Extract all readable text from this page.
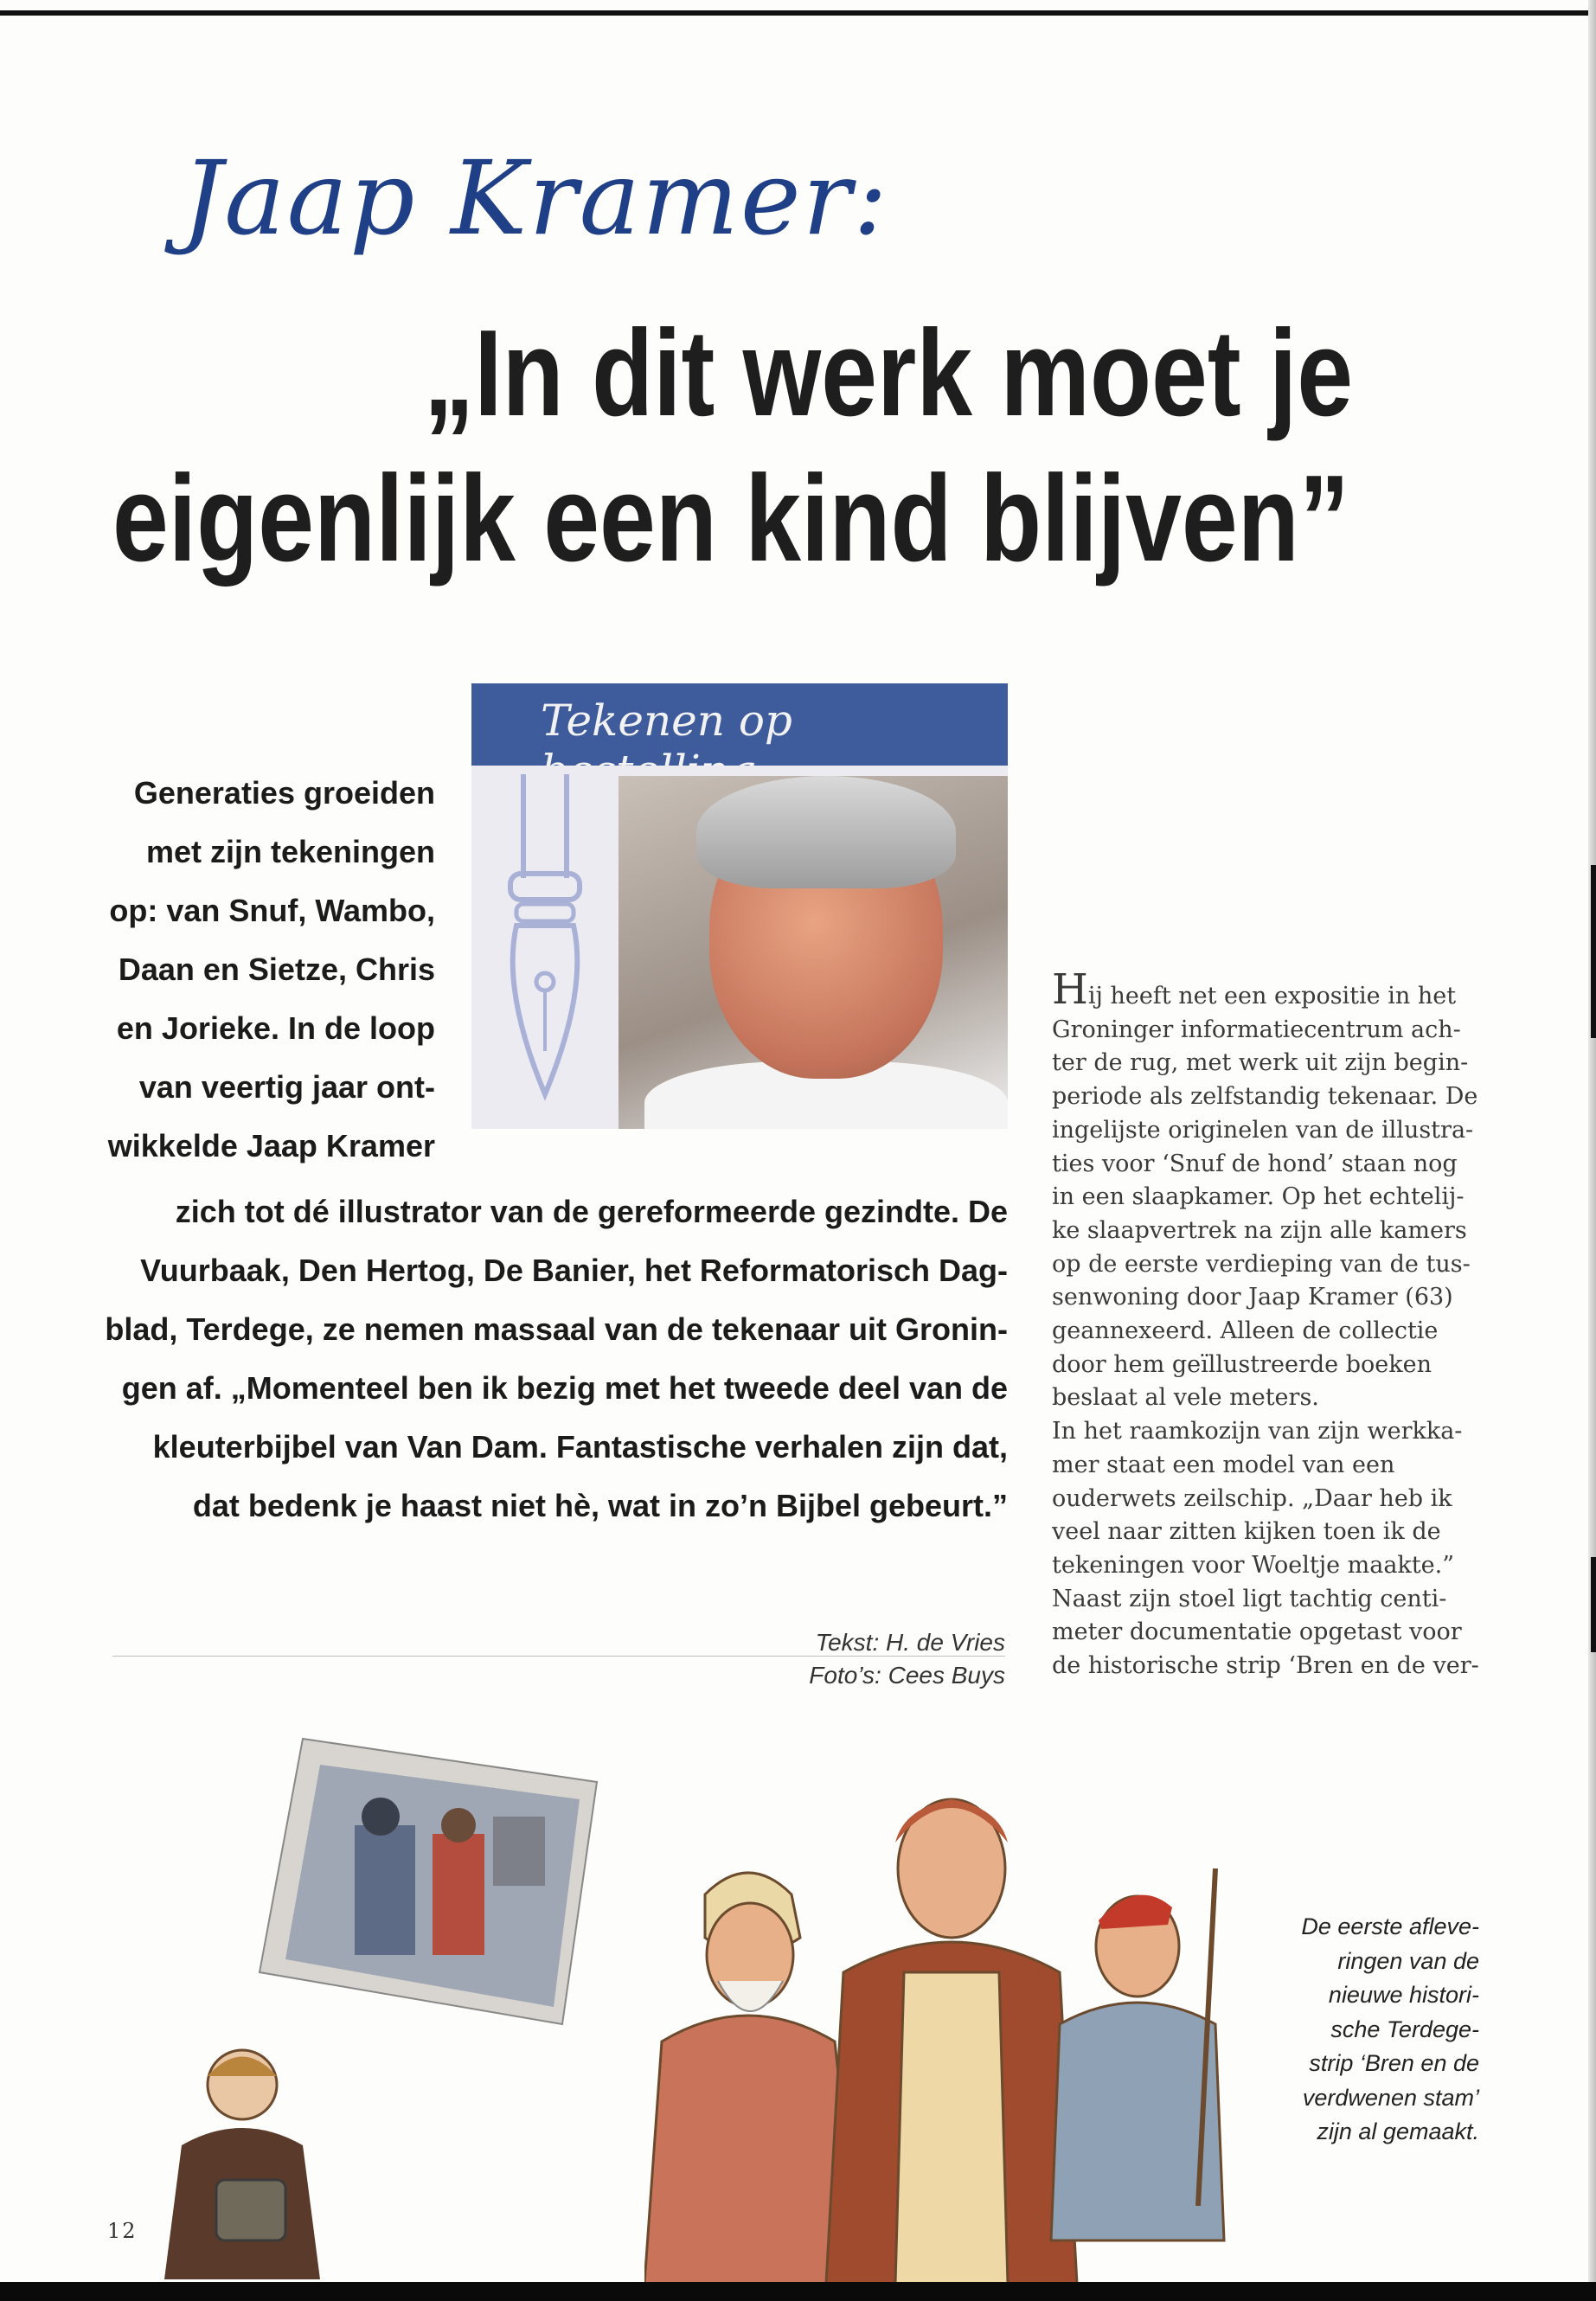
Jaap Kramer:
„In dit werk moet je
eigenlijk een kind blijven”
Tekenen op
Generaties groeiden
met zijn tekeningen
op: van Snuf, Wambo,
Daan en Sietze, Chris
en Jorieke. In de loop
van veertig jaar ont-
wikkelde Jaap Kramer
zich tot dé illustrator van de gereformeerde gezindte. De
Vuurbaak, Den Hertog, De Banier, het Reformatorisch Dag-
blad, Terdege, ze nemen massaal van de tekenaar uit Gronin-
gen af. „Momenteel ben ik bezig met het tweede deel van de
kleuterbijbel van Van Dam. Fantastische verhalen zijn dat,
dat bedenk je haast niet hè, wat in zo’n Bijbel gebeurt.”
Tekst: H. de Vries
Foto’s: Cees Buys

Hij heeft net een expositie in het

Groninger informatiecentrum ach-

ter de rug, met werk uit zijn begin-

periode als zelfstandig tekenaar. De

ingelijste originelen van de illustra-

ties voor ‘Snuf de hond’ staan nog

in een slaapkamer. Op het echtelij-

ke slaapvertrek na zijn alle kamers

op de eerste verdieping van de tus-

senwoning door Jaap Kramer (63)

geannexeerd. Alleen de collectie

door hem geïllustreerde boeken

beslaat al vele meters.

In het raamkozijn van zijn werkka-

mer staat een model van een

ouderwets zeilschip. „Daar heb ik

veel naar zitten kijken toen ik de

tekeningen voor Woeltje maakte.”

Naast zijn stoel ligt tachtig centi-

meter documentatie opgetast voor

de historische strip ‘Bren en de ver-

De eerste afleve-
ringen van de
nieuwe histori-
sche Terdege-
strip ‘Bren en de
verdwenen stam’
zijn al gemaakt.
12
